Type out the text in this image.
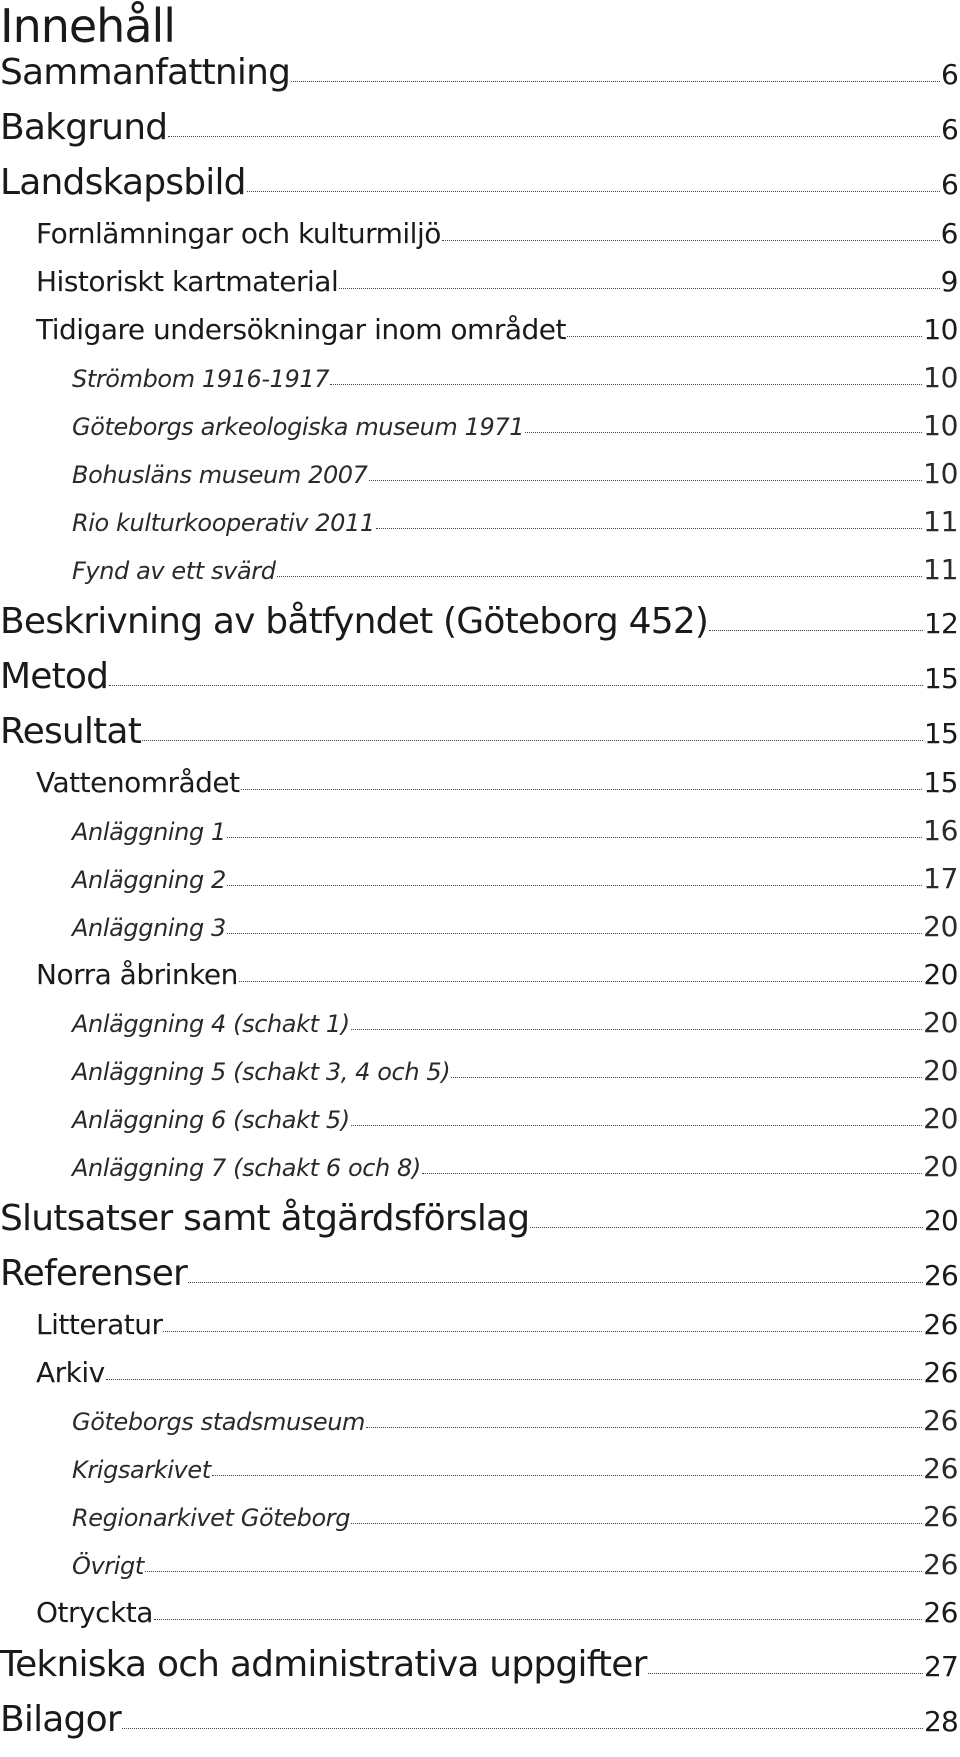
Innehåll
Sammanfattning	6
Bakgrund	6
Landskapsbild	6
Fornlämningar och kulturmiljö	6
Historiskt kartmaterial	9
Tidigare undersökningar inom området	10
Strömbom 1916-1917	10
Göteborgs arkeologiska museum 1971	10
Bohusläns museum 2007	10
Rio kulturkooperativ 2011	11
Fynd av ett svärd	11
Beskrivning av båtfyndet (Göteborg 452)	12
Metod	15
Resultat	15
Vattenområdet	15
Anläggning 1	16
Anläggning 2	17
Anläggning 3	20
Norra åbrinken	20
Anläggning 4 (schakt 1)	20
Anläggning 5 (schakt 3, 4 och 5)	20
Anläggning 6 (schakt 5)	20
Anläggning 7 (schakt 6 och 8)	20
Slutsatser samt åtgärdsförslag	20
Referenser	26
Litteratur	26
Arkiv	26
Göteborgs stadsmuseum	26
Krigsarkivet	26
Regionarkivet Göteborg	26
Övrigt	26
Otryckta	26
Tekniska och administrativa uppgifter	27
Bilagor	28
